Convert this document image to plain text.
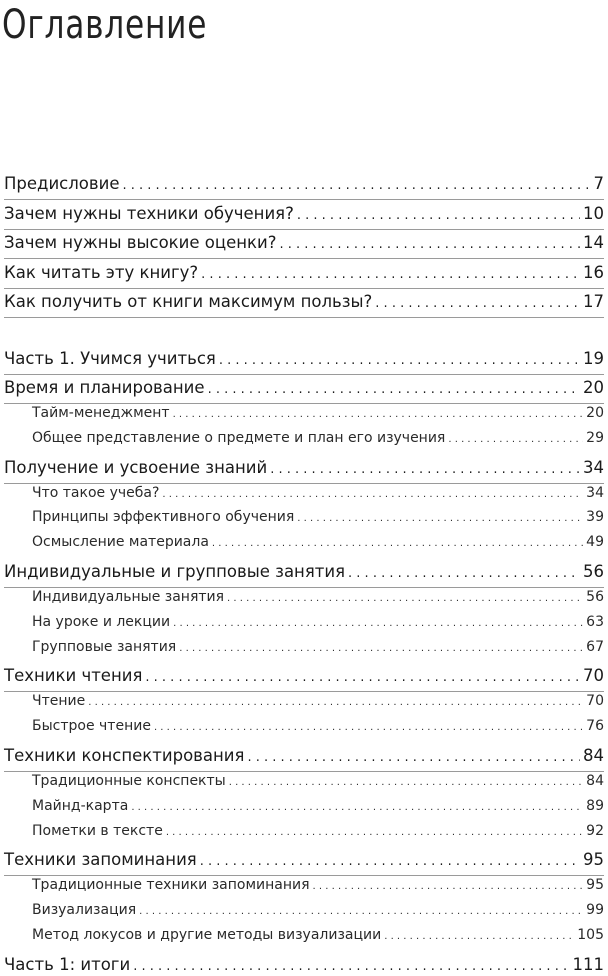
Оглавление
Предисловие . . .	7
Зачем нужны техники обучения? . . .	10
Зачем нужны высокие оценки? . . .	14
Как читать эту книгу? . . .	16
Как получить от книги максимум пользы? . . .	17
Часть 1. Учимся учиться . . .	19
Время и планирование . . .	20
Тайм-менеджмент . . .	20
Общее представление о предмете и план его изучения . . .	29
Получение и усвоение знаний . . .	34
Что такое учеба? . . .	34
Принципы эффективного обучения . . .	39
Осмысление материала . . .	49
Индивидуальные и групповые занятия . . .	56
Индивидуальные занятия . . .	56
На уроке и лекции . . .	63
Групповые занятия . . .	67
Техники чтения . . .	70
Чтение . . .	70
Быстрое чтение . . .	76
Техники конспектирования . . .	84
Традиционные конспекты . . .	84
Майнд-карта . . .	89
Пометки в тексте . . .	92
Техники запоминания . . .	95
Традиционные техники запоминания . . .	95
Визуализация . . .	99
Метод локусов и другие методы визуализации . . .	105
Часть 1: итоги . . .	111
